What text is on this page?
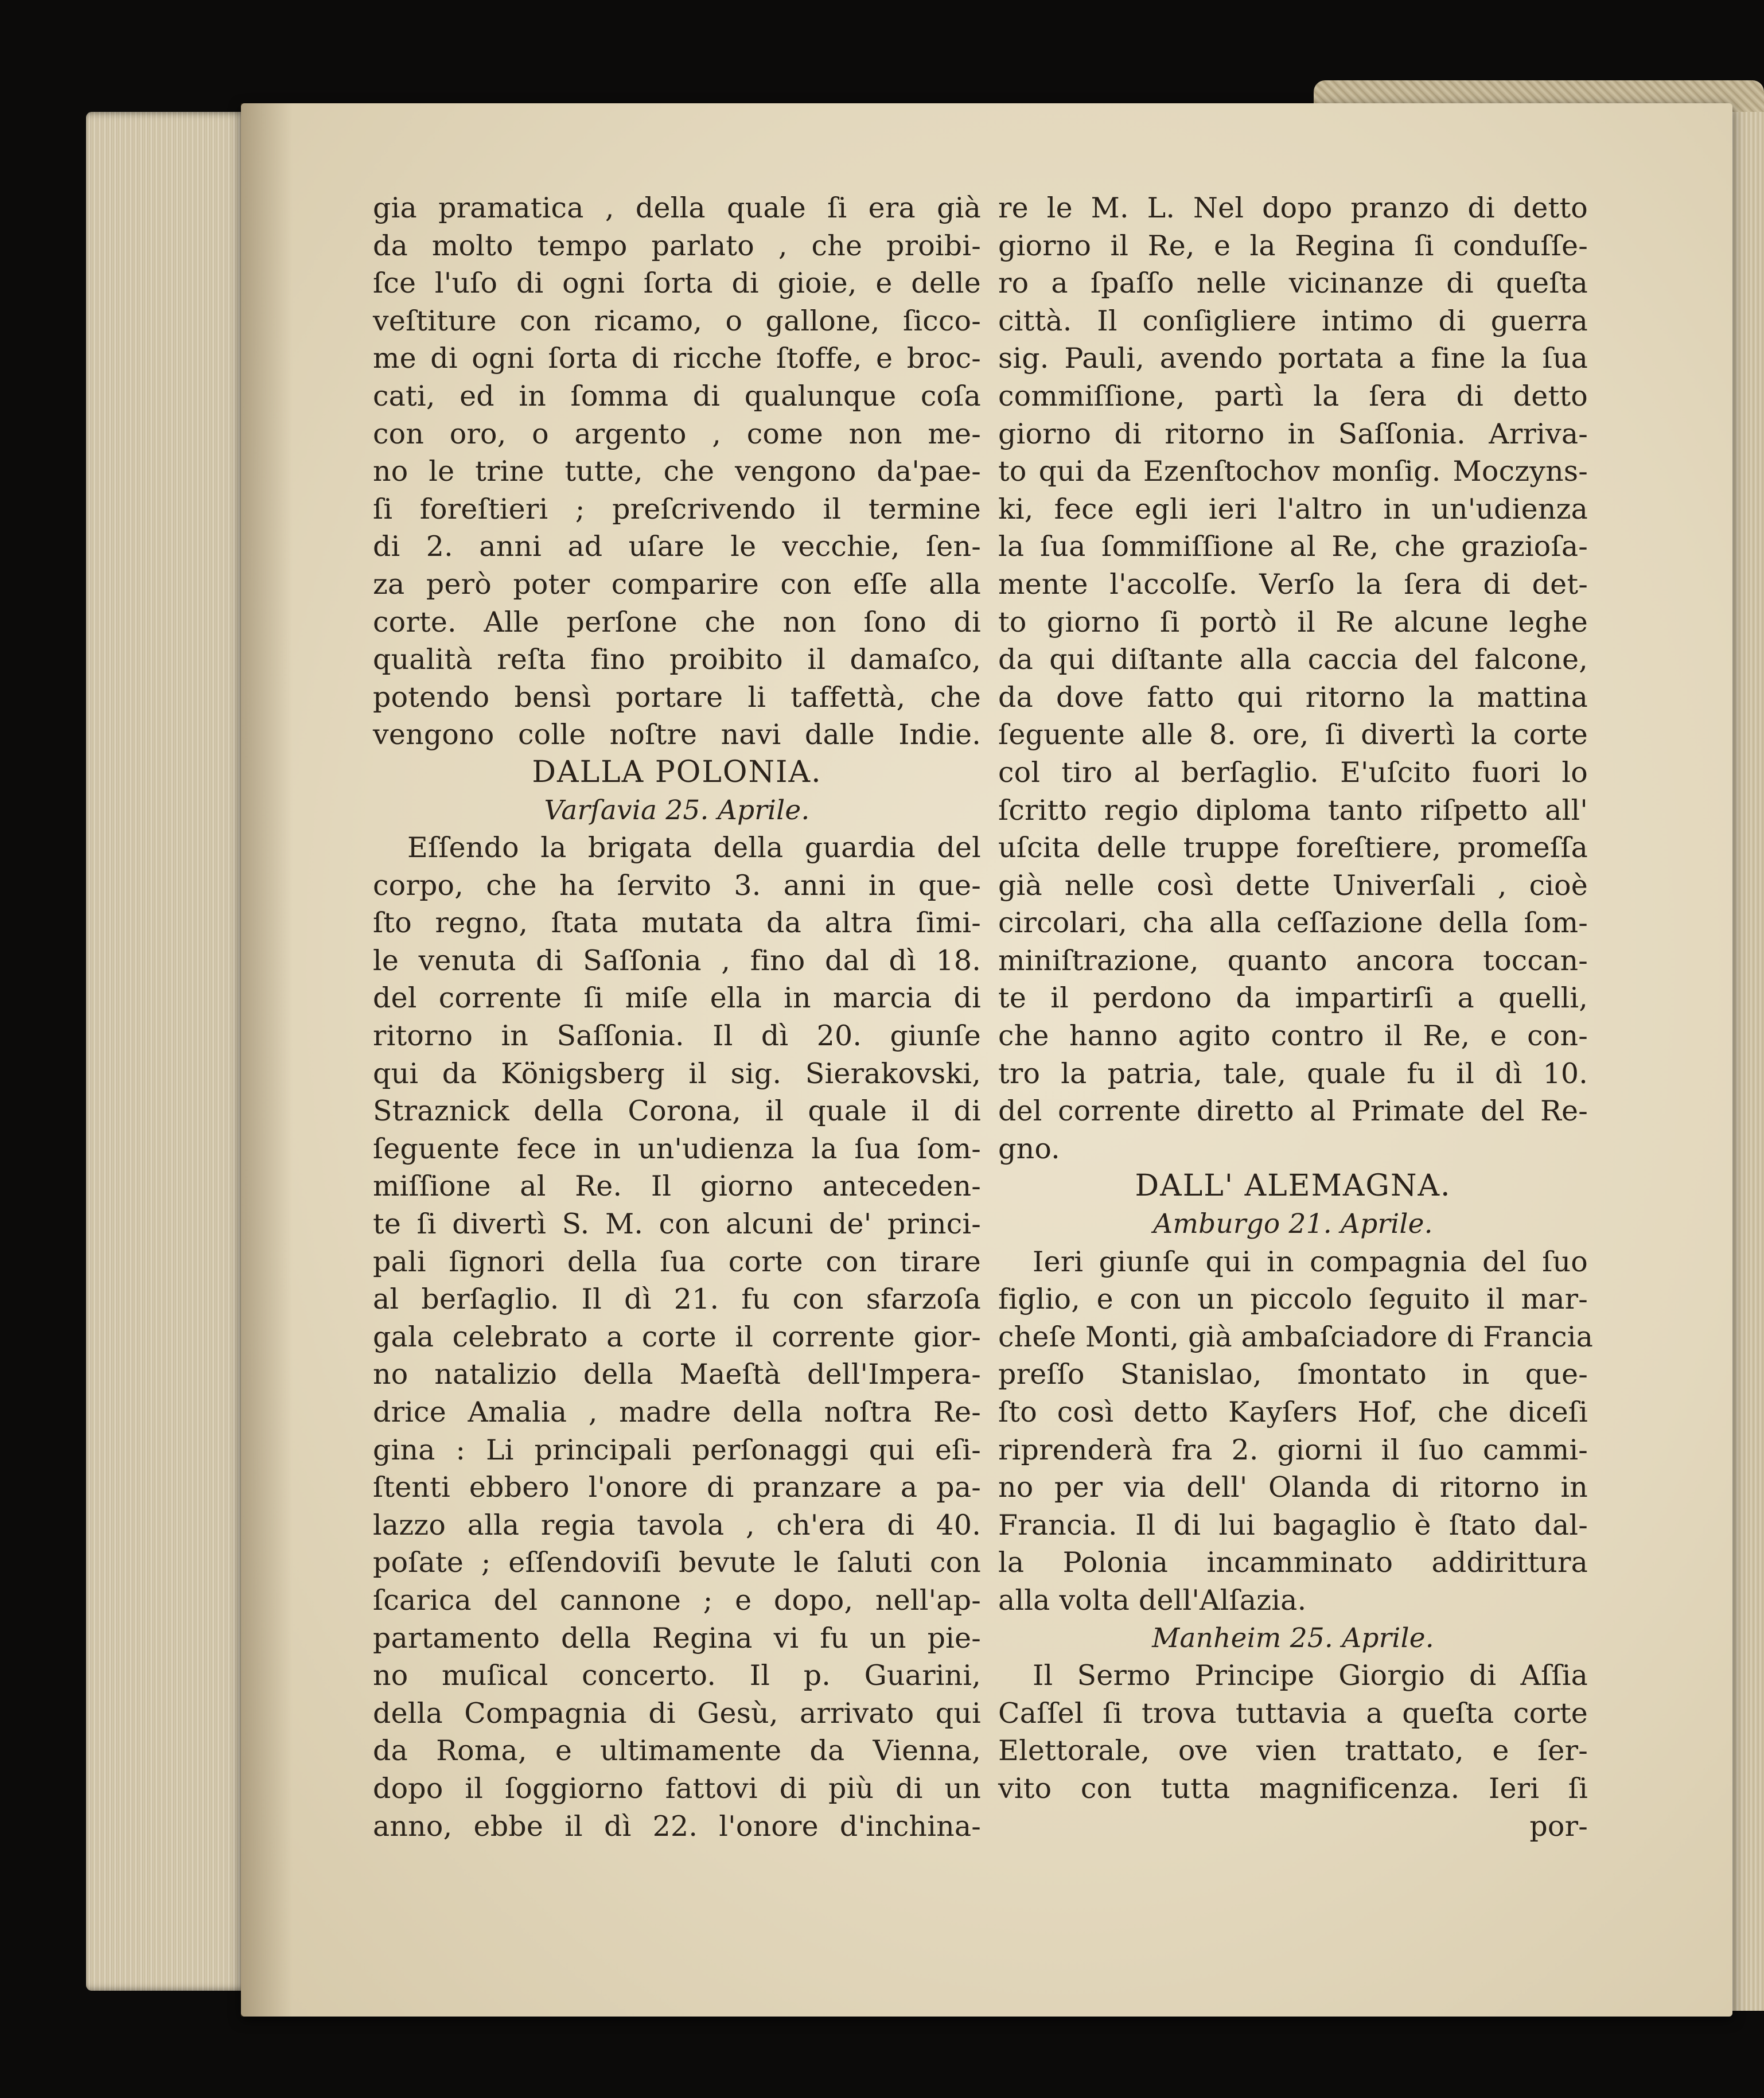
gia pramatica , della quale ſi era già
da molto tempo parlato , che proibi-
ſce l'uſo di ogni ſorta di gioie, e delle
veſtiture con ricamo, o gallone, ſicco-
me di ogni ſorta di ricche ſtoffe, e broc-
cati, ed in ſomma di qualunque coſa
con oro, o argento , come non me-
no le trine tutte, che vengono da'pae-
ſi foreſtieri ; preſcrivendo il termine
di 2. anni ad uſare le vecchie, ſen-
za però poter comparire con eſſe alla
corte. Alle perſone che non ſono di
qualità reſta fino proibito il damaſco,
potendo bensì portare li taffettà, che
vengono colle noſtre navi dalle Indie.
DALLA POLONIA.
Varſavia 25. Aprile.
Eſſendo la brigata della guardia del
corpo, che ha ſervito 3. anni in que-
ſto regno, ſtata mutata da altra ſimi-
le venuta di Saſſonia , fino dal dì 18.
del corrente ſi miſe ella in marcia di
ritorno in Saſſonia. Il dì 20. giunſe
qui da Königsberg il sig. Sierakovski,
Straznick della Corona, il quale il di
ſeguente fece in un'udienza la ſua ſom-
miſſione al Re. Il giorno anteceden-
te ſi divertì S. M. con alcuni de' princi-
pali ſignori della ſua corte con tirare
al berſaglio. Il dì 21. fu con sfarzoſa
gala celebrato a corte il corrente gior-
no natalizio della Maeſtà dell'Impera-
drice Amalia , madre della noſtra Re-
gina : Li principali perſonaggi qui eſi-
ſtenti ebbero l'onore di pranzare a pa-
lazzo alla regia tavola , ch'era di 40.
poſate ; eſſendoviſi bevute le ſaluti con
ſcarica del cannone ; e dopo, nell'ap-
partamento della Regina vi fu un pie-
no muſical concerto. Il p. Guarini,
della Compagnia di Gesù, arrivato qui
da Roma, e ultimamente da Vienna,
dopo il ſoggiorno fattovi di più di un
anno, ebbe il dì 22. l'onore d'inchina-
re le M. L. Nel dopo pranzo di detto
giorno il Re, e la Regina ſi conduſſe-
ro a ſpaſſo nelle vicinanze di queſta
città. Il conſigliere intimo di guerra
sig. Pauli, avendo portata a fine la ſua
commiſſione, partì la ſera di detto
giorno di ritorno in Saſſonia. Arriva-
to qui da Ezenſtochov monſig. Moczyns-
ki, fece egli ieri l'altro in un'udienza
la ſua ſommiſſione al Re, che grazioſa-
mente l'accolſe. Verſo la ſera di det-
to giorno ſi portò il Re alcune leghe
da qui diſtante alla caccia del falcone,
da dove fatto qui ritorno la mattina
ſeguente alle 8. ore, ſi divertì la corte
col tiro al berſaglio. E'uſcito fuori lo
ſcritto regio diploma tanto riſpetto all'
uſcita delle truppe foreſtiere, promeſſa
già nelle così dette Univerſali , cioè
circolari, cha alla ceſſazione della ſom-
miniſtrazione, quanto ancora toccan-
te il perdono da impartirſi a quelli,
che hanno agito contro il Re, e con-
tro la patria, tale, quale fu il dì 10.
del corrente diretto al Primate del Re-
gno.
DALL' ALEMAGNA.
Amburgo 21. Aprile.
Ieri giunſe qui in compagnia del ſuo
figlio, e con un piccolo ſeguito il mar-
cheſe Monti, già ambaſciadore di Francia
preſſo Stanislao, ſmontato in que-
ſto così detto Kayſers Hof, che diceſi
riprenderà fra 2. giorni il ſuo cammi-
no per via dell' Olanda di ritorno in
Francia. Il di lui bagaglio è ſtato dal-
la Polonia incamminato addirittura
alla volta dell'Alſazia.
Manheim 25. Aprile.
Il Sermo Principe Giorgio di Aſſia
Caſſel ſi trova tuttavia a queſta corte
Elettorale, ove vien trattato, e ſer-
vito con tutta magnificenza. Ieri ſi
por-
